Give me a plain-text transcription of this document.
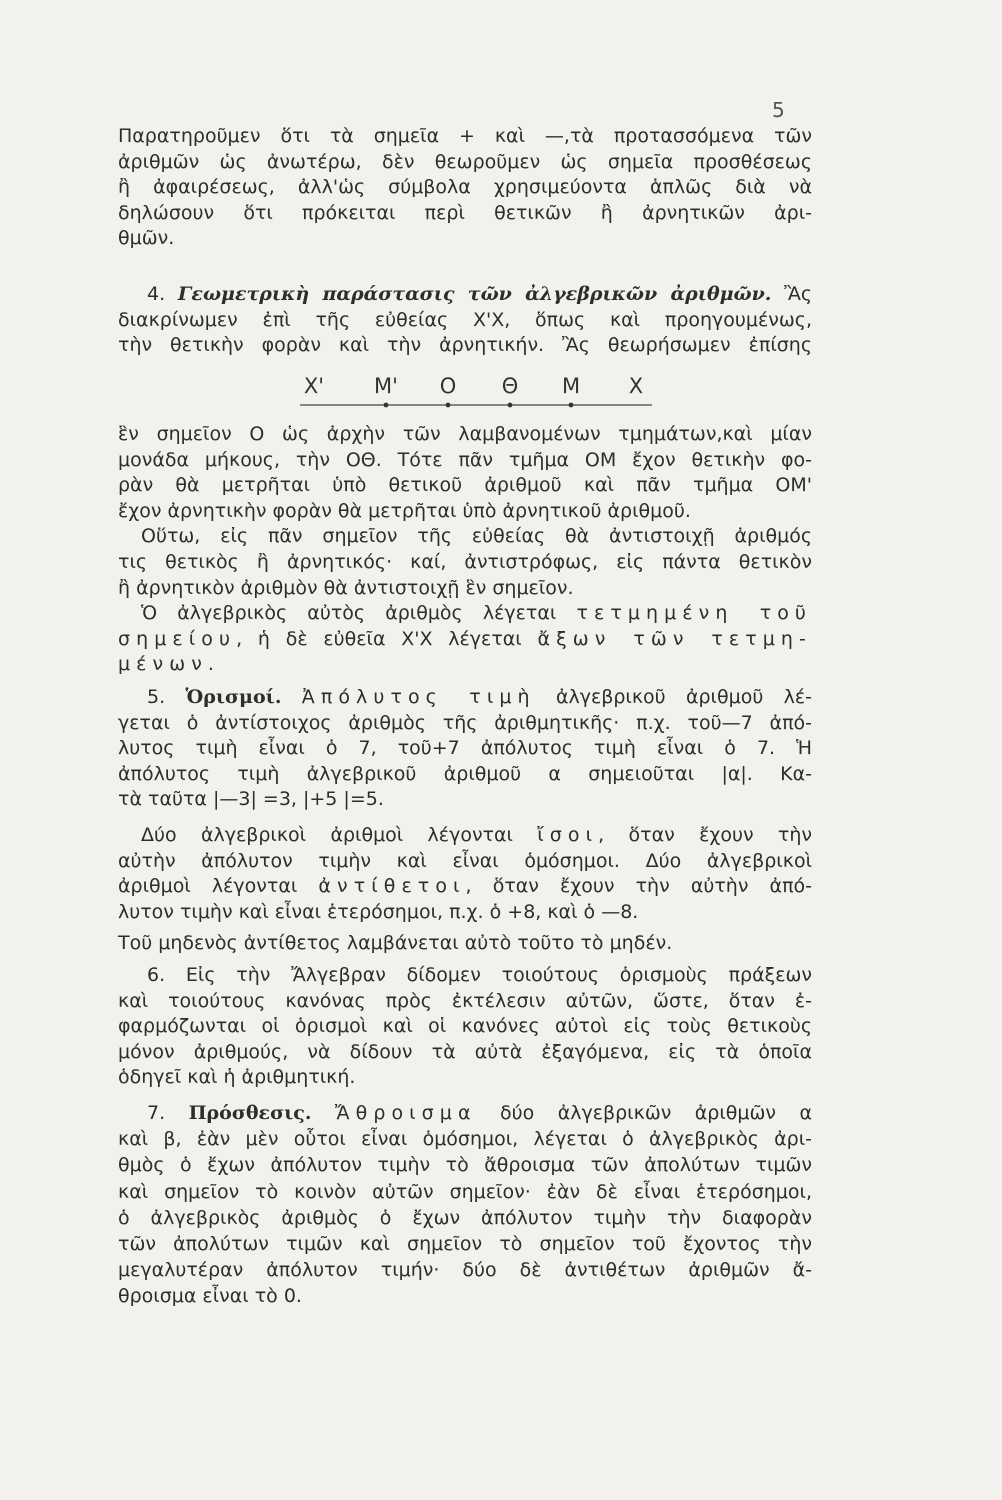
5
Παρατηροῦμεν ὅτι τὰ σημεῖα + καὶ —,τὰ προτασσόμενα τῶν
ἀριθμῶν ὡς ἀνωτέρω, δὲν θεωροῦμεν ὡς σημεῖα προσθέσεως
ἢ ἀφαιρέσεως, ἀλλ'ὡς σύμβολα χρησιμεύοντα ἁπλῶς διὰ νὰ
δηλώσουν ὅτι πρόκειται περὶ θετικῶν ἢ ἀρνητικῶν ἀρι-
θμῶν.
4. Γεωμετρικὴ παράστασις τῶν ἀλγεβρικῶν ἀριθμῶν. Ἂς
διακρίνωμεν ἐπὶ τῆς εὐθείας Χ'Χ, ὅπως καὶ προηγουμένως,
τὴν θετικὴν φορὰν καὶ τὴν ἀρνητικήν. Ἂς θεωρήσωμεν ἐπίσης
Χ' Μ' Ο Θ Μ Χ
ἓν σημεῖον Ο ὡς ἀρχὴν τῶν λαμβανομένων τμημάτων,καὶ μίαν
μονάδα μήκους, τὴν ΟΘ. Τότε πᾶν τμῆμα ΟΜ ἔχον θετικὴν φο-
ρὰν θὰ μετρῆται ὑπὸ θετικοῦ ἀριθμοῦ καὶ πᾶν τμῆμα ΟΜ'
ἔχον ἀρνητικὴν φορὰν θὰ μετρῆται ὑπὸ ἀρνητικοῦ ἀριθμοῦ.
Οὕτω, εἰς πᾶν σημεῖον τῆς εὐθείας θὰ ἀντιστοιχῇ ἀριθμός
τις θετικὸς ἢ ἀρνητικός· καί, ἀντιστρόφως, εἰς πάντα θετικὸν
ἢ ἀρνητικὸν ἀριθμὸν θὰ ἀντιστοιχῇ ἓν σημεῖον.
Ὁ ἀλγεβρικὸς αὐτὸς ἀριθμὸς λέγεται τετμημένη τοῦ
σημείου, ἡ δὲ εὐθεῖα Χ'Χ λέγεται ἄξων τῶν τετμη-
μένων.
5. Ὁρισμοί. Ἀπόλυτος τιμὴ ἀλγεβρικοῦ ἀριθμοῦ λέ-
γεται ὁ ἀντίστοιχος ἀριθμὸς τῆς ἀριθμητικῆς· π.χ. τοῦ—7 ἀπό-
λυτος τιμὴ εἶναι ὁ 7, τοῦ+7 ἀπόλυτος τιμὴ εἶναι ὁ 7. Ἡ
ἀπόλυτος τιμὴ ἀλγεβρικοῦ ἀριθμοῦ α σημειοῦται |α|. Κα-
τὰ ταῦτα |—3| =3, |+5 |=5.
Δύο ἀλγεβρικοὶ ἀριθμοὶ λέγονται ἴσοι, ὅταν ἔχουν τὴν
αὐτὴν ἀπόλυτον τιμὴν καὶ εἶναι ὁμόσημοι. Δύο ἀλγεβρικοὶ
ἀριθμοὶ λέγονται ἀντίθετοι, ὅταν ἔχουν τὴν αὐτὴν ἀπό-
λυτον τιμὴν καὶ εἶναι ἑτερόσημοι, π.χ. ὁ +8, καὶ ὁ —8.
Τοῦ μηδενὸς ἀντίθετος λαμβάνεται αὐτὸ τοῦτο τὸ μηδέν.
6. Εἰς τὴν Ἄλγεβραν δίδομεν τοιούτους ὁρισμοὺς πράξεων
καὶ τοιούτους κανόνας πρὸς ἐκτέλεσιν αὐτῶν, ὥστε, ὅταν ἐ-
φαρμόζωνται οἱ ὁρισμοὶ καὶ οἱ κανόνες αὐτοὶ εἰς τοὺς θετικοὺς
μόνον ἀριθμούς, νὰ δίδουν τὰ αὐτὰ ἐξαγόμενα, εἰς τὰ ὁποῖα
ὁδηγεῖ καὶ ἡ ἀριθμητική.
7. Πρόσθεσις. Ἄθροισμα δύο ἀλγεβρικῶν ἀριθμῶν α
καὶ β, ἐὰν μὲν οὗτοι εἶναι ὁμόσημοι, λέγεται ὁ ἀλγεβρικὸς ἀρι-
θμὸς ὁ ἔχων ἀπόλυτον τιμὴν τὸ ἄθροισμα τῶν ἀπολύτων τιμῶν
καὶ σημεῖον τὸ κοινὸν αὐτῶν σημεῖον· ἐὰν δὲ εἶναι ἑτερόσημοι,
ὁ ἀλγεβρικὸς ἀριθμὸς ὁ ἔχων ἀπόλυτον τιμὴν τὴν διαφορὰν
τῶν ἀπολύτων τιμῶν καὶ σημεῖον τὸ σημεῖον τοῦ ἔχοντος τὴν
μεγαλυτέραν ἀπόλυτον τιμήν· δύο δὲ ἀντιθέτων ἀριθμῶν ἄ-
θροισμα εἶναι τὸ 0.
